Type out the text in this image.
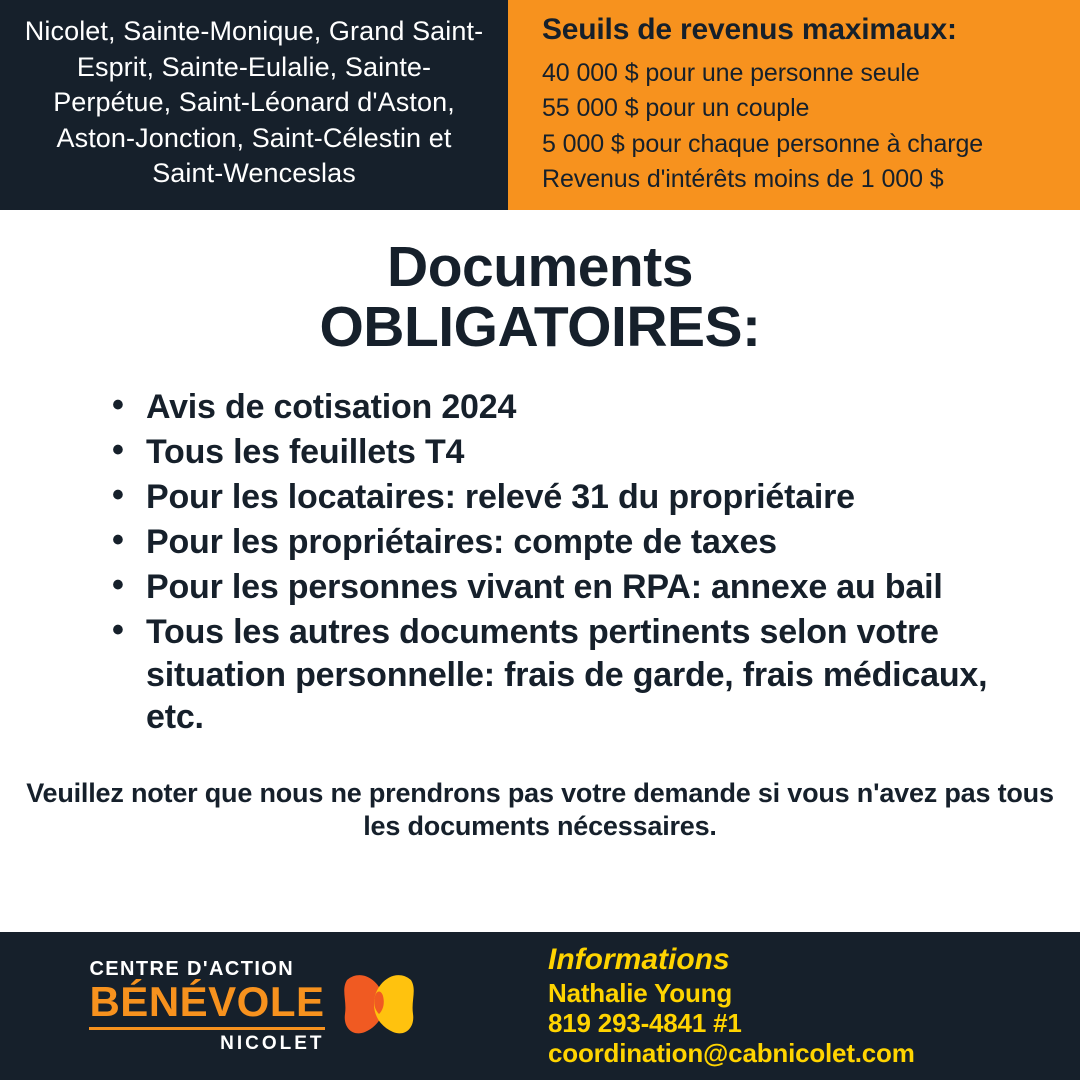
Nicolet, Sainte-Monique, Grand Saint-Esprit, Sainte-Eulalie, Sainte-Perpétue, Saint-Léonard d'Aston, Aston-Jonction, Saint-Célestin et Saint-Wenceslas
Seuils de revenus maximaux:
40 000 $ pour une personne seule
55 000 $ pour un couple
5 000 $ pour chaque personne à charge
Revenus d'intérêts moins de 1 000 $
Documents
OBLIGATOIRES:
• Avis de cotisation 2024
• Tous les feuillets T4
• Pour les locataires: relevé 31 du propriétaire
• Pour les propriétaires: compte de taxes
• Pour les personnes vivant en RPA: annexe au bail
• Tous les autres documents pertinents selon votre situation personnelle: frais de garde, frais médicaux, etc.
Veuillez noter que nous ne prendrons pas votre demande si vous n'avez pas tous les documents nécessaires.
CENTRE D'ACTION
BÉNÉVOLE
NICOLET
Informations
Nathalie Young
819 293-4841 #1
coordination@cabnicolet.com
